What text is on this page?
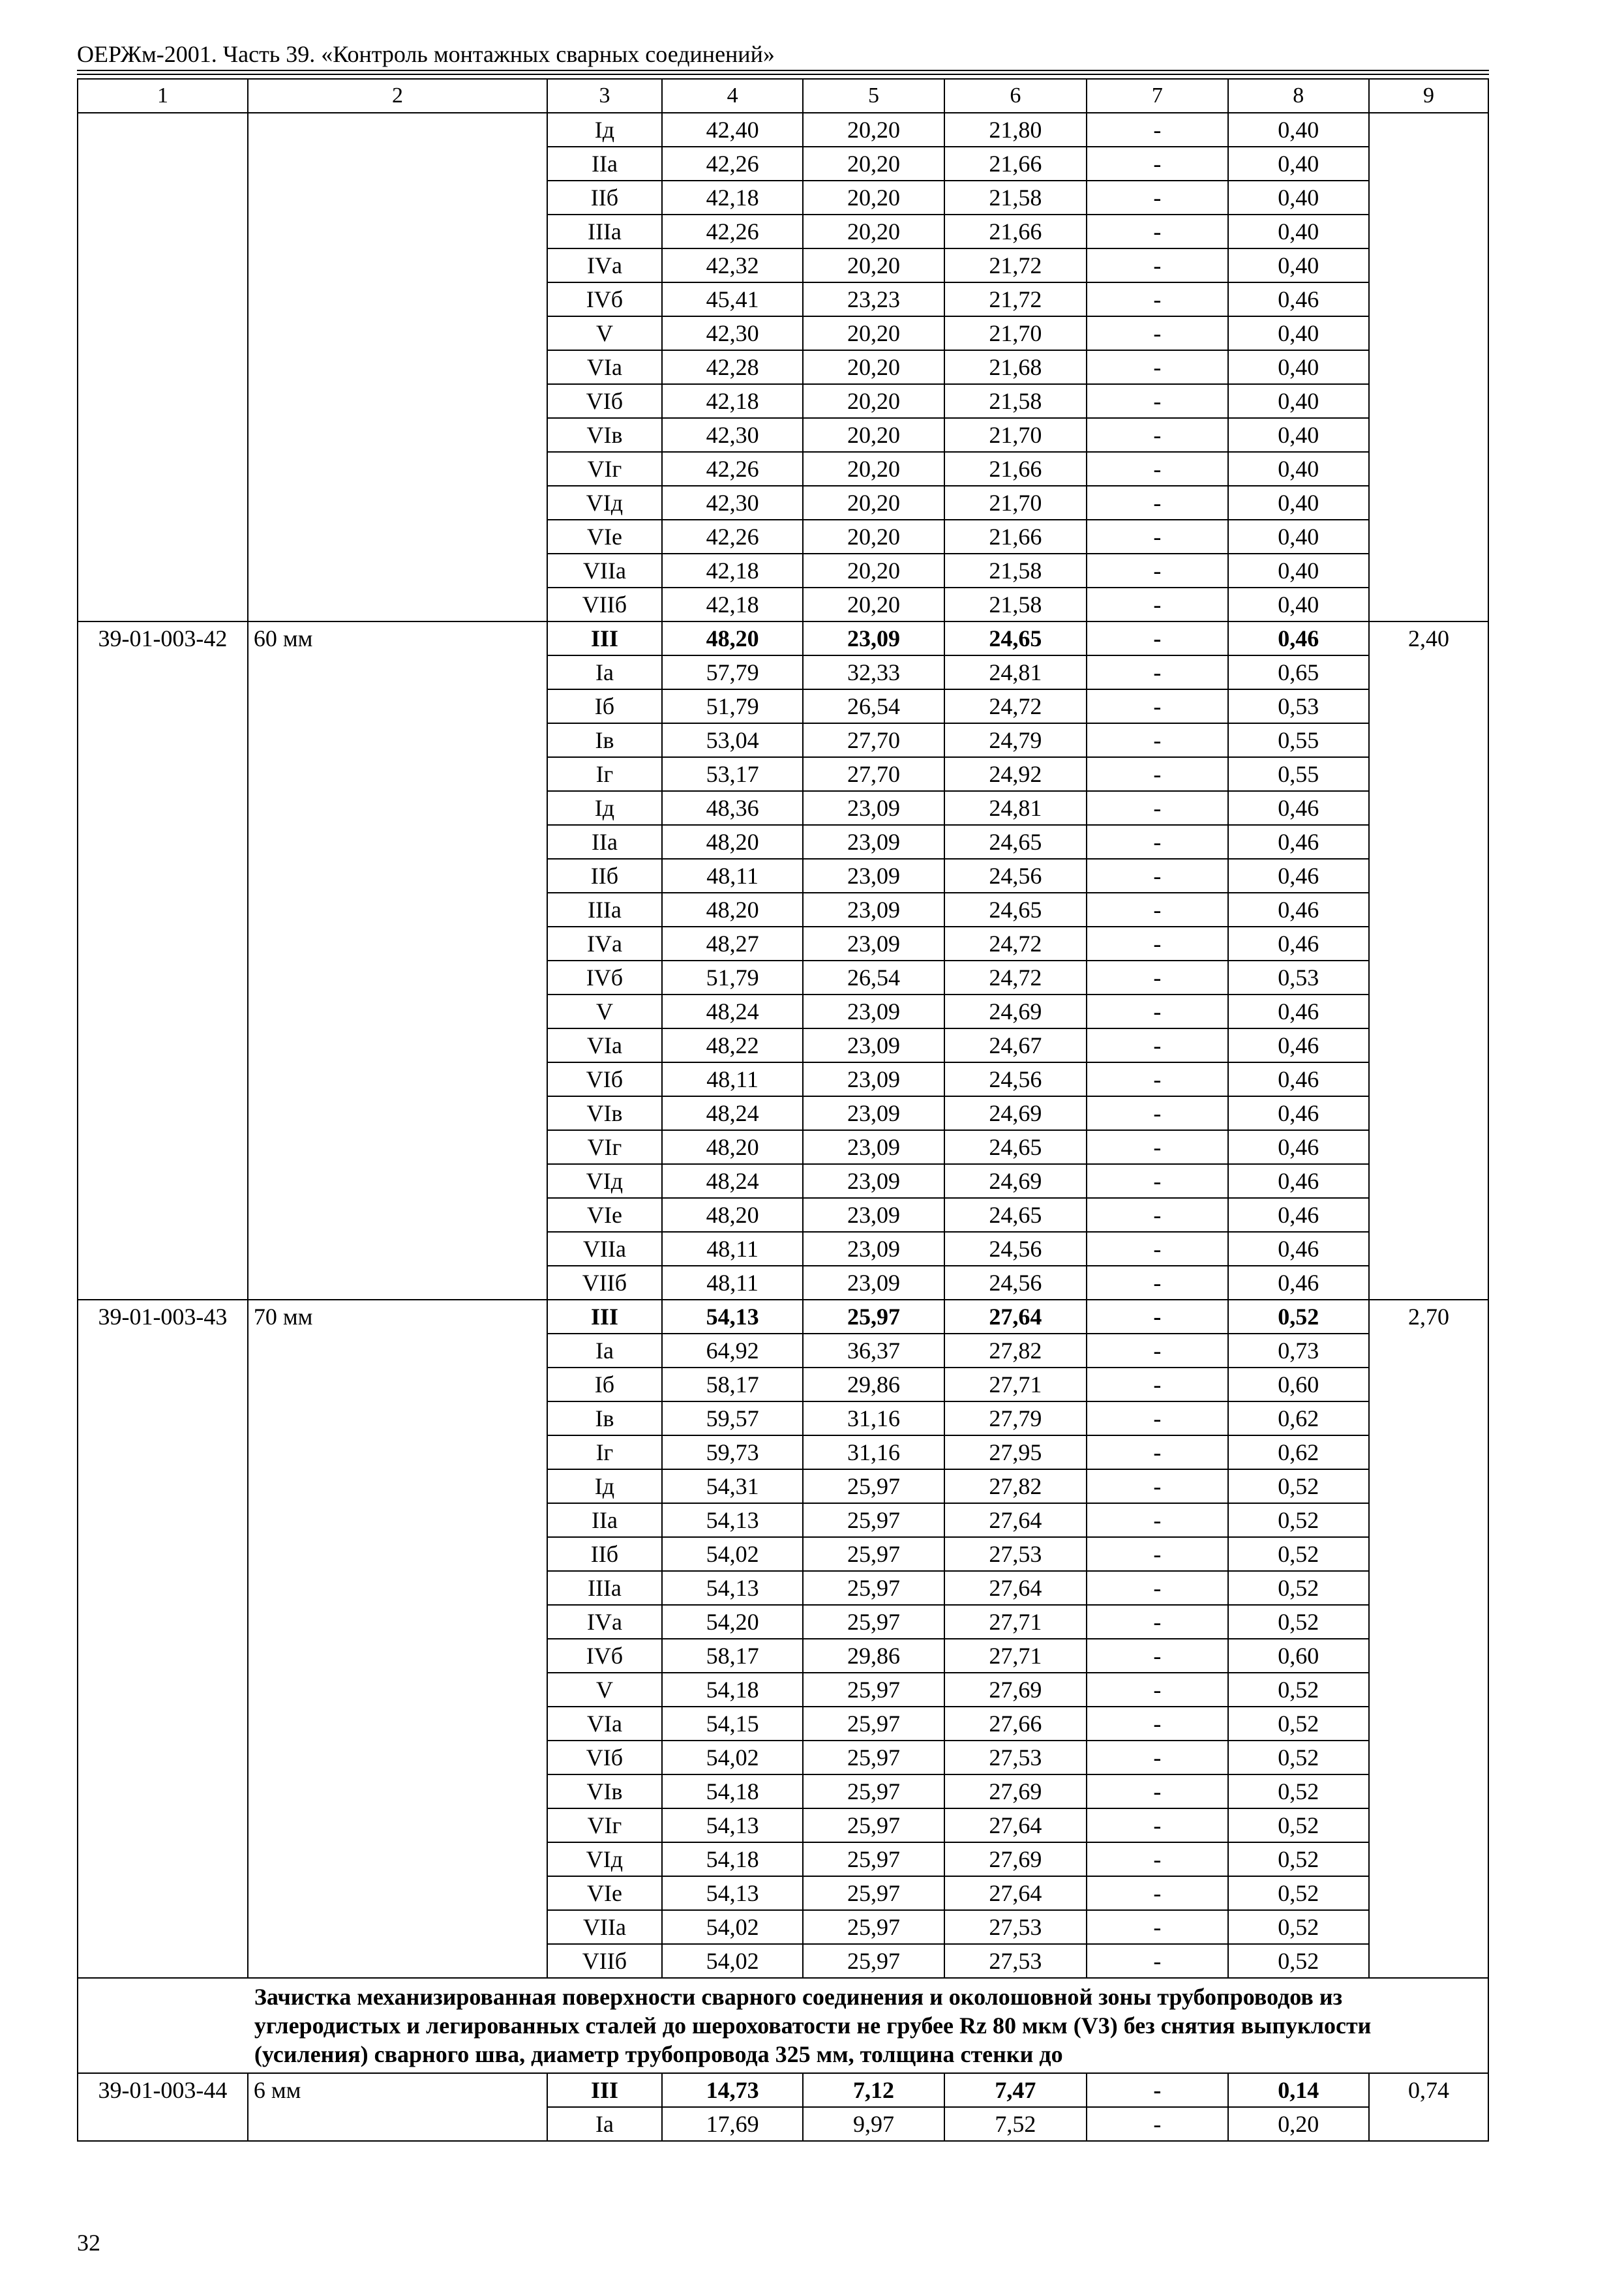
ОЕРЖм-2001. Часть 39. «Контроль монтажных сварных соединений»
1	2	3	4	5	6	7	8	9
		Iд	42,40	20,20	21,80	-	0,40	
		IIа	42,26	20,20	21,66	-	0,40	
		IIб	42,18	20,20	21,58	-	0,40	
		IIIа	42,26	20,20	21,66	-	0,40	
		IVа	42,32	20,20	21,72	-	0,40	
		IVб	45,41	23,23	21,72	-	0,46	
		V	42,30	20,20	21,70	-	0,40	
		VIа	42,28	20,20	21,68	-	0,40	
		VIб	42,18	20,20	21,58	-	0,40	
		VIв	42,30	20,20	21,70	-	0,40	
		VIг	42,26	20,20	21,66	-	0,40	
		VIд	42,30	20,20	21,70	-	0,40	
		VIе	42,26	20,20	21,66	-	0,40	
		VIIа	42,18	20,20	21,58	-	0,40	
		VIIб	42,18	20,20	21,58	-	0,40	
39-01-003-42	60 мм	III	48,20	23,09	24,65	-	0,46	2,40
		Iа	57,79	32,33	24,81	-	0,65	
		Iб	51,79	26,54	24,72	-	0,53	
		Iв	53,04	27,70	24,79	-	0,55	
		Iг	53,17	27,70	24,92	-	0,55	
		Iд	48,36	23,09	24,81	-	0,46	
		IIа	48,20	23,09	24,65	-	0,46	
		IIб	48,11	23,09	24,56	-	0,46	
		IIIа	48,20	23,09	24,65	-	0,46	
		IVа	48,27	23,09	24,72	-	0,46	
		IVб	51,79	26,54	24,72	-	0,53	
		V	48,24	23,09	24,69	-	0,46	
		VIа	48,22	23,09	24,67	-	0,46	
		VIб	48,11	23,09	24,56	-	0,46	
		VIв	48,24	23,09	24,69	-	0,46	
		VIг	48,20	23,09	24,65	-	0,46	
		VIд	48,24	23,09	24,69	-	0,46	
		VIе	48,20	23,09	24,65	-	0,46	
		VIIа	48,11	23,09	24,56	-	0,46	
		VIIб	48,11	23,09	24,56	-	0,46	
39-01-003-43	70 мм	III	54,13	25,97	27,64	-	0,52	2,70
		Iа	64,92	36,37	27,82	-	0,73	
		Iб	58,17	29,86	27,71	-	0,60	
		Iв	59,57	31,16	27,79	-	0,62	
		Iг	59,73	31,16	27,95	-	0,62	
		Iд	54,31	25,97	27,82	-	0,52	
		IIа	54,13	25,97	27,64	-	0,52	
		IIб	54,02	25,97	27,53	-	0,52	
		IIIа	54,13	25,97	27,64	-	0,52	
		IVа	54,20	25,97	27,71	-	0,52	
		IVб	58,17	29,86	27,71	-	0,60	
		V	54,18	25,97	27,69	-	0,52	
		VIа	54,15	25,97	27,66	-	0,52	
		VIб	54,02	25,97	27,53	-	0,52	
		VIв	54,18	25,97	27,69	-	0,52	
		VIг	54,13	25,97	27,64	-	0,52	
		VIд	54,18	25,97	27,69	-	0,52	
		VIе	54,13	25,97	27,64	-	0,52	
		VIIа	54,02	25,97	27,53	-	0,52	
		VIIб	54,02	25,97	27,53	-	0,52	
	Зачистка механизированная поверхности сварного соединения и околошовной зоны трубопроводов из углеродистых и легированных сталей до шероховатости не грубее Rz 80 мкм (V3) без снятия выпуклости (усиления) сварного шва, диаметр трубопровода 325 мм, толщина стенки до							
39-01-003-44	6 мм	III	14,73	7,12	7,47	-	0,14	0,74
		Iа	17,69	9,97	7,52	-	0,20	
32
